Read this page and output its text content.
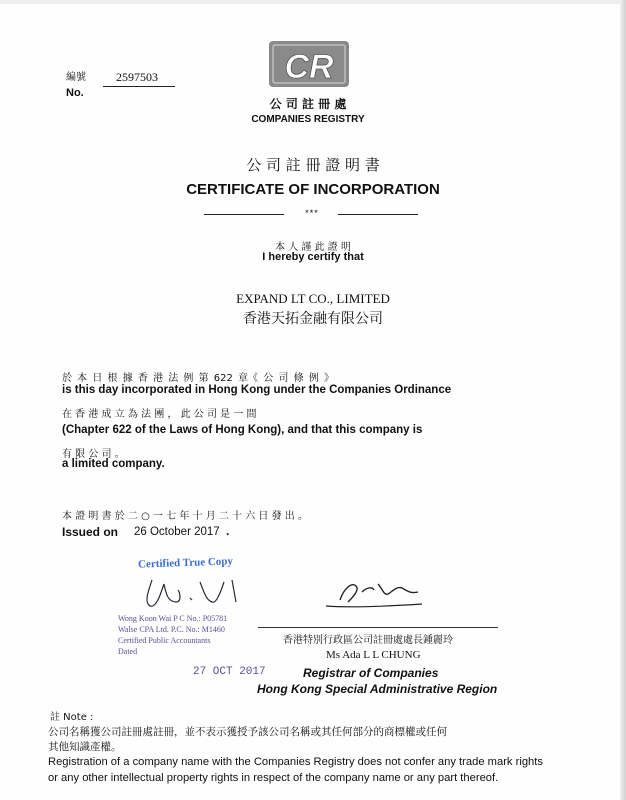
編號
No.
2597503	CR
公 司 註 冊 處
COMPANIES REGISTRY
公 司 註 冊 證 明 書
CERTIFICATE OF INCORPORATION
***
本 人 謹 此 證 明
I hereby certify that
EXPAND LT CO., LIMITED
香港天拓金融有限公司
於 本 日 根 據 香 港 法 例 第 622 章《 公 司 條 例 》
is this day incorporated in Hong Kong under the Companies Ordinance
在 香 港 成 立 為 法 團 ， 此 公 司 是 一 間
(Chapter 622 of the Laws of Hong Kong), and that this company is
有 限 公 司 。
a limited company.
本 證 明 書 於 二 ○ 一 七 年 十 月 二 十 六 日 發 出 。
Issued on 26 October 2017 .
Certified True Copy
Wong Koon Wai P C No.: P05781
Walse CPA Ltd. P.C. No.: M1460
Certified Public Accountants
Dated
27 OCT 2017
香港特別行政區公司註冊處處長鍾麗玲
Ms Ada L L CHUNG
Registrar of Companies
Hong Kong Special Administrative Region
註 Note :
公司名稱獲公司註冊處註冊，並不表示獲授予該公司名稱或其任何部分的商標權或任何
其他知識產權。
Registration of a company name with the Companies Registry does not confer any trade mark rights
or any other intellectual property rights in respect of the company name or any part thereof.
